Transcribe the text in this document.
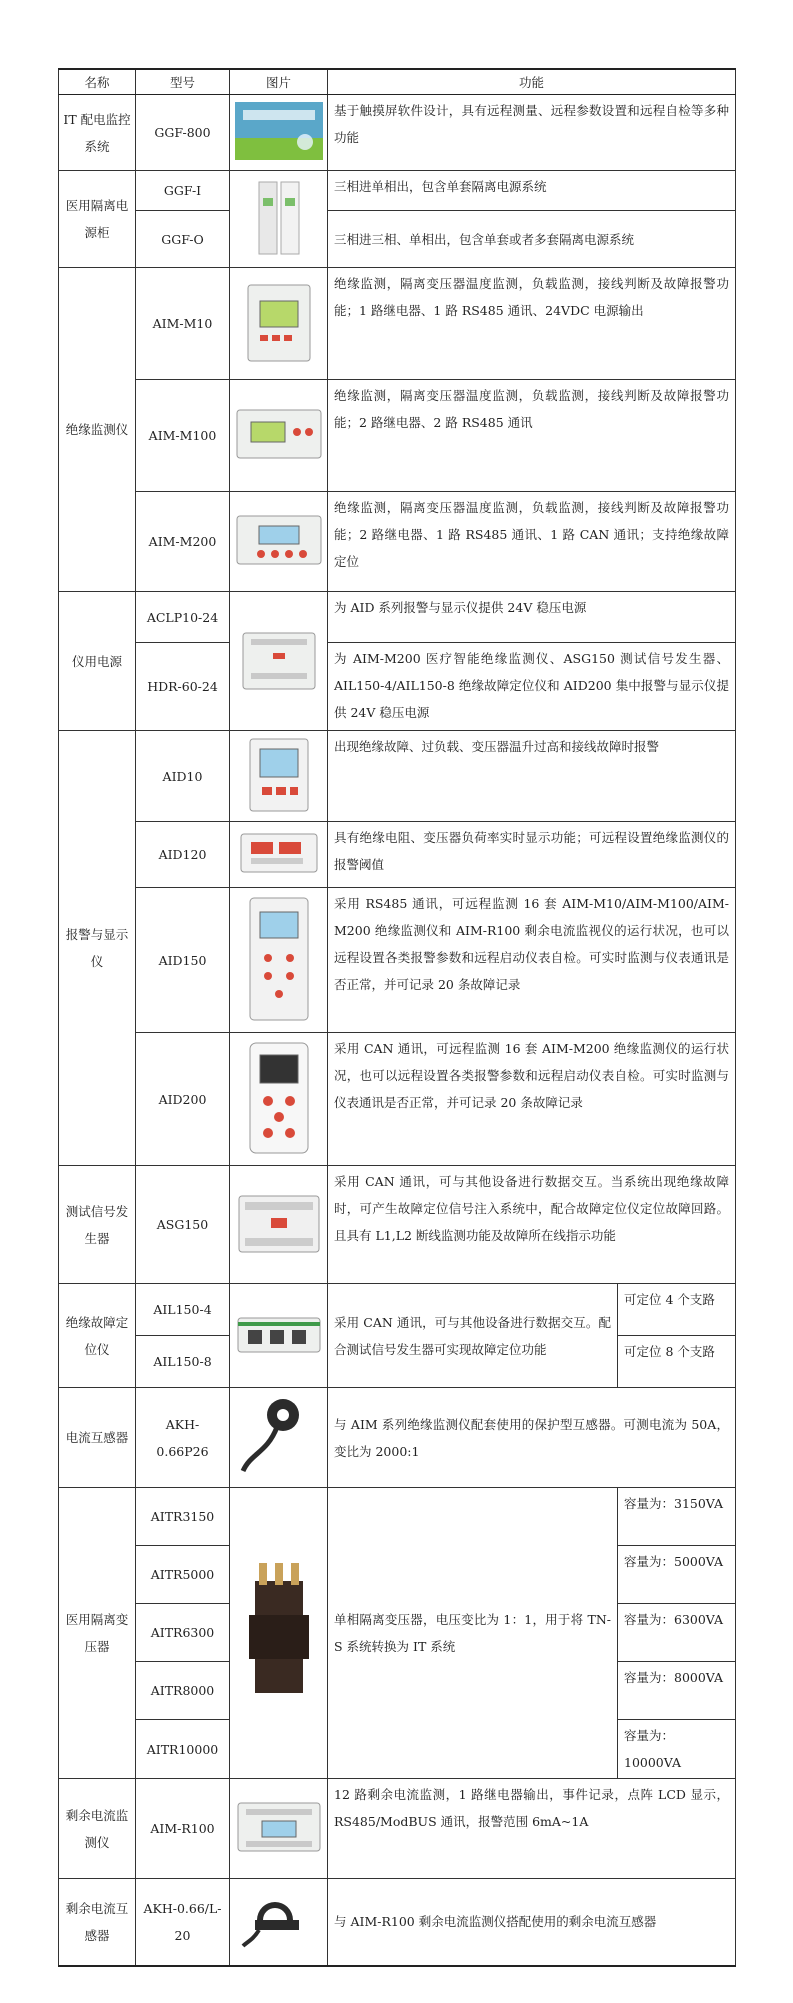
名称	型号	图片	功能	
IT 配电监控系统	GGF-800		基于触摸屏软件设计，具有远程测量、远程参数设置和远程自检等多种功能	
医用隔离电源柜	GGF-I		三相进单相出，包含单套隔离电源系统	
	GGF-O		三相进三相、单相出，包含单套或者多套隔离电源系统	
绝缘监测仪	AIM-M10		绝缘监测，隔离变压器温度监测，负载监测，接线判断及故障报警功能；1 路继电器、1 路 RS485 通讯、24VDC 电源输出	
	AIM-M100		绝缘监测，隔离变压器温度监测，负载监测，接线判断及故障报警功能；2 路继电器、2 路 RS485 通讯	
	AIM-M200		绝缘监测，隔离变压器温度监测，负载监测，接线判断及故障报警功能；2 路继电器、1 路 RS485 通讯、1 路 CAN 通讯；支持绝缘故障定位	
仪用电源	ACLP10-24		为 AID 系列报警与显示仪提供 24V 稳压电源	
	HDR-60-24		为 AIM-M200 医疗智能绝缘监测仪、ASG150 测试信号发生器、AIL150-4/AIL150-8 绝缘故障定位仪和 AID200 集中报警与显示仪提供 24V 稳压电源	
报警与显示仪	AID10		出现绝缘故障、过负载、变压器温升过高和接线故障时报警	
	AID120		具有绝缘电阻、变压器负荷率实时显示功能；可远程设置绝缘监测仪的报警阈值	
	AID150		采用 RS485 通讯，可远程监测 16 套 AIM-M10/AIM-M100/AIM-M200 绝缘监测仪和 AIM-R100 剩余电流监视仪的运行状况，也可以远程设置各类报警参数和远程启动仪表自检。可实时监测与仪表通讯是否正常，并可记录 20 条故障记录	
	AID200		采用 CAN 通讯，可远程监测 16 套 AIM-M200 绝缘监测仪的运行状况，也可以远程设置各类报警参数和远程启动仪表自检。可实时监测与仪表通讯是否正常，并可记录 20 条故障记录	
测试信号发生器	ASG150		采用 CAN 通讯，可与其他设备进行数据交互。当系统出现绝缘故障时，可产生故障定位信号注入系统中，配合故障定位仪定位故障回路。且具有 L1,L2 断线监测功能及故障所在线指示功能	
绝缘故障定位仪	AIL150-4		采用 CAN 通讯，可与其他设备进行数据交互。配合测试信号发生器可实现故障定位功能	可定位 4 个支路
	AIL150-8			可定位 8 个支路
电流互感器	AKH-0.66P26		与 AIM 系列绝缘监测仪配套使用的保护型互感器。可测电流为 50A，变比为 2000:1	
医用隔离变压器	AITR3150		单相隔离变压器，电压变比为 1：1，用于将 TN-S 系统转换为 IT 系统	容量为：3150VA
	AITR5000			容量为：5000VA
	AITR6300			容量为：6300VA
	AITR8000			容量为：8000VA
	AITR10000			容量为：10000VA
剩余电流监测仪	AIM-R100		12 路剩余电流监测，1 路继电器输出，事件记录，点阵 LCD 显示，RS485/ModBUS 通讯，报警范围 6mA~1A	
剩余电流互感器	AKH-0.66/L-20		与 AIM-R100 剩余电流监测仪搭配使用的剩余电流互感器	
